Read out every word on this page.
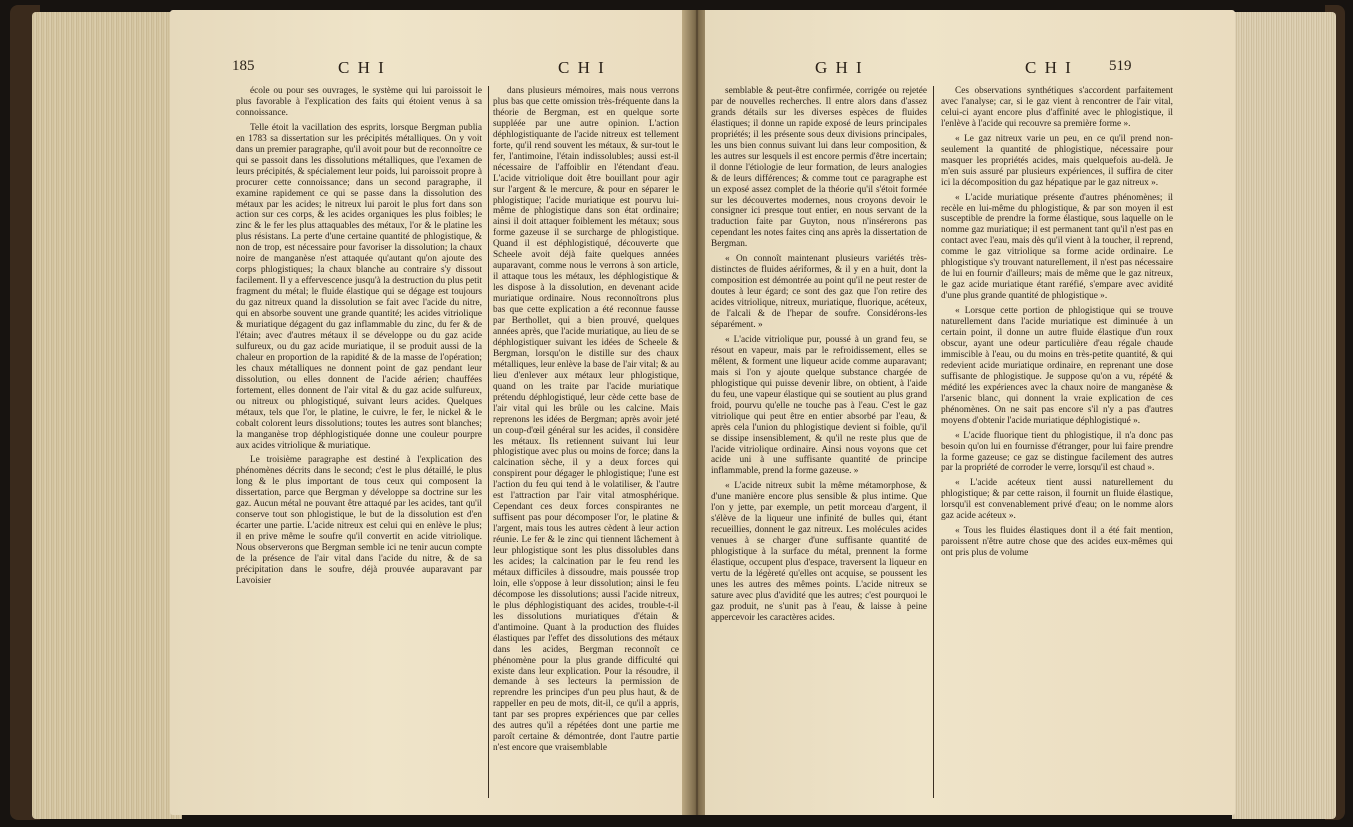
185	C H I	C H I

école ou pour ses ouvrages, le système qui lui paroissoit le plus favorable à l'explication des faits qui étoient venus à sa connoissance.

Telle étoit la vacillation des esprits, lorsque Bergman publia en 1783 sa dissertation sur les précipités métalliques. On y voit dans un premier paragraphe, qu'il avoit pour but de reconnoître ce qui se passoit dans les dissolutions métalliques, que l'examen de leurs précipités, & spécialement leur poids, lui paroissoit propre à procurer cette connoissance; dans un second paragraphe, il examine rapidement ce qui se passe dans la dissolution des métaux par les acides; le nitreux lui paroit le plus fort dans son action sur ces corps, & les acides organiques les plus foibles; le zinc & le fer les plus attaquables des métaux, l'or & le platine les plus résistans. La perte d'une certaine quantité de phlogistique, & non de trop, est nécessaire pour favoriser la dissolution; la chaux noire de manganèse n'est attaquée qu'autant qu'on ajoute des corps phlogistiques; la chaux blanche au contraire s'y dissout facilement. Il y a effervescence jusqu'à la destruction du plus petit fragment du métal; le fluide élastique qui se dégage est toujours du gaz nitreux quand la dissolution se fait avec l'acide du nitre, qui en absorbe souvent une grande quantité; les acides vitriolique & muriatique dégagent du gaz inflammable du zinc, du fer & de l'étain; avec d'autres métaux il se développe ou du gaz acide sulfureux, ou du gaz acide muriatique, il se produit aussi de la chaleur en proportion de la rapidité & de la masse de l'opération; les chaux métalliques ne donnent point de gaz pendant leur dissolution, ou elles donnent de l'acide aérien; chauffées fortement, elles donnent de l'air vital & du gaz acide sulfureux, ou nitreux ou phlogistiqué, suivant leurs acides. Quelques métaux, tels que l'or, le platine, le cuivre, le fer, le nickel & le cobalt colorent leurs dissolutions; toutes les autres sont blanches; la manganèse trop déphlogistiquée donne une couleur pourpre aux acides vitriolique & muriatique.

Le troisième paragraphe est destiné à l'explication des phénomènes décrits dans le second; c'est le plus détaillé, le plus long & le plus important de tous ceux qui composent la dissertation, parce que Bergman y développe sa doctrine sur les gaz. Aucun métal ne pouvant être attaqué par les acides, tant qu'il conserve tout son phlogistique, le but de la dissolution est d'en écarter une partie. L'acide nitreux est celui qui en enlève le plus; il en prive même le soufre qu'il convertit en acide vitriolique. Nous observerons que Bergman semble ici ne tenir aucun compte de la présence de l'air vital dans l'acide du nitre, & de sa précipitation dans le soufre, déjà prouvée auparavant par Lavoisier

dans plusieurs mémoires, mais nous verrons plus bas que cette omission très-fréquente dans la théorie de Bergman, est en quelque sorte suppléée par une autre opinion. L'action déphlogistiquante de l'acide nitreux est tellement forte, qu'il rend souvent les métaux, & sur-tout le fer, l'antimoine, l'étain indissolubles; aussi est-il nécessaire de l'affoiblir en l'étendant d'eau. L'acide vitriolique doit être bouillant pour agir sur l'argent & le mercure, & pour en séparer le phlogistique; l'acide muriatique est pourvu lui-même de phlogistique dans son état ordinaire; ainsi il doit attaquer foiblement les métaux; sous forme gazeuse il se surcharge de phlogistique. Quand il est déphlogistiqué, découverte que Scheele avoit déjà faite quelques années auparavant, comme nous le verrons à son article, il attaque tous les métaux, les déphlogistique & les dispose à la dissolution, en devenant acide muriatique ordinaire. Nous reconnoîtrons plus bas que cette explication a été reconnue fausse par Berthollet, qui a bien prouvé, quelques années après, que l'acide muriatique, au lieu de se déphlogistiquer suivant les idées de Scheele & Bergman, lorsqu'on le distille sur des chaux métalliques, leur enlève la base de l'air vital; & au lieu d'enlever aux métaux leur phlogistique, quand on les traite par l'acide muriatique prétendu déphlogistiqué, leur cède cette base de l'air vital qui les brûle ou les calcine. Mais reprenons les idées de Bergman; après avoir jeté un coup-d'œil général sur les acides, il considère les métaux. Ils retiennent suivant lui leur phlogistique avec plus ou moins de force; dans la calcination sèche, il y a deux forces qui conspirent pour dégager le phlogistique; l'une est l'action du feu qui tend à le volatiliser, & l'autre est l'attraction par l'air vital atmosphérique. Cependant ces deux forces conspirantes ne suffisent pas pour décomposer l'or, le platine & l'argent, mais tous les autres cèdent à leur action réunie. Le fer & le zinc qui tiennent lâchement à leur phlogistique sont les plus dissolubles dans les acides; la calcination par le feu rend les métaux difficiles à dissoudre, mais poussée trop loin, elle s'oppose à leur dissolution; ainsi le feu décompose les dissolutions; aussi l'acide nitreux, le plus déphlogistiquant des acides, trouble-t-il les dissolutions muriatiques d'étain & d'antimoine. Quant à la production des fluides élastiques par l'effet des dissolutions des métaux dans les acides, Bergman reconnoît ce phénomène pour la plus grande difficulté qui existe dans leur explication. Pour la résoudre, il demande à ses lecteurs la permission de reprendre les principes d'un peu plus haut, & de rappeller en peu de mots, dit-il, ce qu'il a appris, tant par ses propres expériences que par celles des autres qu'il a répétées dont une partie me paroît certaine & démontrée, dont l'autre partie n'est encore que vraisemblable

G H I	C H I 519

semblable & peut-être confirmée, corrigée ou rejetée par de nouvelles recherches. Il entre alors dans d'assez grands détails sur les diverses espèces de fluides élastiques; il donne un rapide exposé de leurs principales propriétés; il les présente sous deux divisions principales, les uns bien connus suivant lui dans leur composition, & les autres sur lesquels il est encore permis d'être incertain; il donne l'étiologie de leur formation, de leurs analogies & de leurs différences; & comme tout ce paragraphe est un exposé assez complet de la théorie qu'il s'étoit formée sur les découvertes modernes, nous croyons devoir le consigner ici presque tout entier, en nous servant de la traduction faite par Guyton, nous n'insérerons pas cependant les notes faites cinq ans après la dissertation de Bergman.

« On connoît maintenant plusieurs variétés très-distinctes de fluides aériformes, & il y en a huit, dont la composition est démontrée au point qu'il ne peut rester de doutes à leur égard; ce sont des gaz que l'on retire des acides vitriolique, nitreux, muriatique, fluorique, acéteux, de l'alcali & de l'hepar de soufre. Considérons-les séparément. »

« L'acide vitriolique pur, poussé à un grand feu, se résout en vapeur, mais par le refroidissement, elles se mêlent, & forment une liqueur acide comme auparavant; mais si l'on y ajoute quelque substance chargée de phlogistique qui puisse devenir libre, on obtient, à l'aide du feu, une vapeur élastique qui se soutient au plus grand froid, pourvu qu'elle ne touche pas à l'eau. C'est le gaz vitriolique qui peut être en entier absorbé par l'eau, & après cela l'union du phlogistique devient si foible, qu'il se dissipe insensiblement, & qu'il ne reste plus que de l'acide vitriolique ordinaire. Ainsi nous voyons que cet acide uni à une suffisante quantité de principe inflammable, prend la forme gazeuse. »

« L'acide nitreux subit la même métamorphose, & d'une manière encore plus sensible & plus intime. Que l'on y jette, par exemple, un petit morceau d'argent, il s'élève de la liqueur une infinité de bulles qui, étant recueillies, donnent le gaz nitreux. Les molécules acides venues à se charger d'une suffisante quantité de phlogistique à la surface du métal, prennent la forme élastique, occupent plus d'espace, traversent la liqueur en vertu de la légèreté qu'elles ont acquise, se poussent les unes les autres des mêmes points. L'acide nitreux se sature avec plus d'avidité que les autres; c'est pourquoi le gaz produit, ne s'unit pas à l'eau, & laisse à peine appercevoir les caractères acides.

Ces observations synthétiques s'accordent parfaitement avec l'analyse; car, si le gaz vient à rencontrer de l'air vital, celui-ci ayant encore plus d'affinité avec le phlogistique, il l'enlève à l'acide qui recouvre sa première forme ».

« Le gaz nitreux varie un peu, en ce qu'il prend non-seulement la quantité de phlogistique, nécessaire pour masquer les propriétés acides, mais quelquefois au-delà. Je m'en suis assuré par plusieurs expériences, il suffira de citer ici la décomposition du gaz hépatique par le gaz nitreux ».

« L'acide muriatique présente d'autres phénomènes; il recèle en lui-même du phlogistique, & par son moyen il est susceptible de prendre la forme élastique, sous laquelle on le nomme gaz muriatique; il est permanent tant qu'il n'est pas en contact avec l'eau, mais dès qu'il vient à la toucher, il reprend, comme le gaz vitriolique sa forme acide ordinaire. Le phlogistique s'y trouvant naturellement, il n'est pas nécessaire de lui en fournir d'ailleurs; mais de même que le gaz nitreux, le gaz acide muriatique étant raréfié, s'empare avec avidité d'une plus grande quantité de phlogistique ».

« Lorsque cette portion de phlogistique qui se trouve naturellement dans l'acide muriatique est diminuée à un certain point, il donne un autre fluide élastique d'un roux obscur, ayant une odeur particulière d'eau régale chaude immiscible à l'eau, ou du moins en très-petite quantité, & qui redevient acide muriatique ordinaire, en reprenant une dose suffisante de phlogistique. Je suppose qu'on a vu, répété & médité les expériences avec la chaux noire de manganèse & l'arsenic blanc, qui donnent la vraie explication de ces phénomènes. On ne sait pas encore s'il n'y a pas d'autres moyens d'obtenir l'acide muriatique déphlogistiqué ».

« L'acide fluorique tient du phlogistique, il n'a donc pas besoin qu'on lui en fournisse d'étranger, pour lui faire prendre la forme gazeuse; ce gaz se distingue facilement des autres par la propriété de corroder le verre, lorsqu'il est chaud ».

« L'acide acéteux tient aussi naturellement du phlogistique; & par cette raison, il fournit un fluide élastique, lorsqu'il est convenablement privé d'eau; on le nomme alors gaz acide acéteux ».

« Tous les fluides élastiques dont il a été fait mention, paroissent n'être autre chose que des acides eux-mêmes qui ont pris plus de volume
